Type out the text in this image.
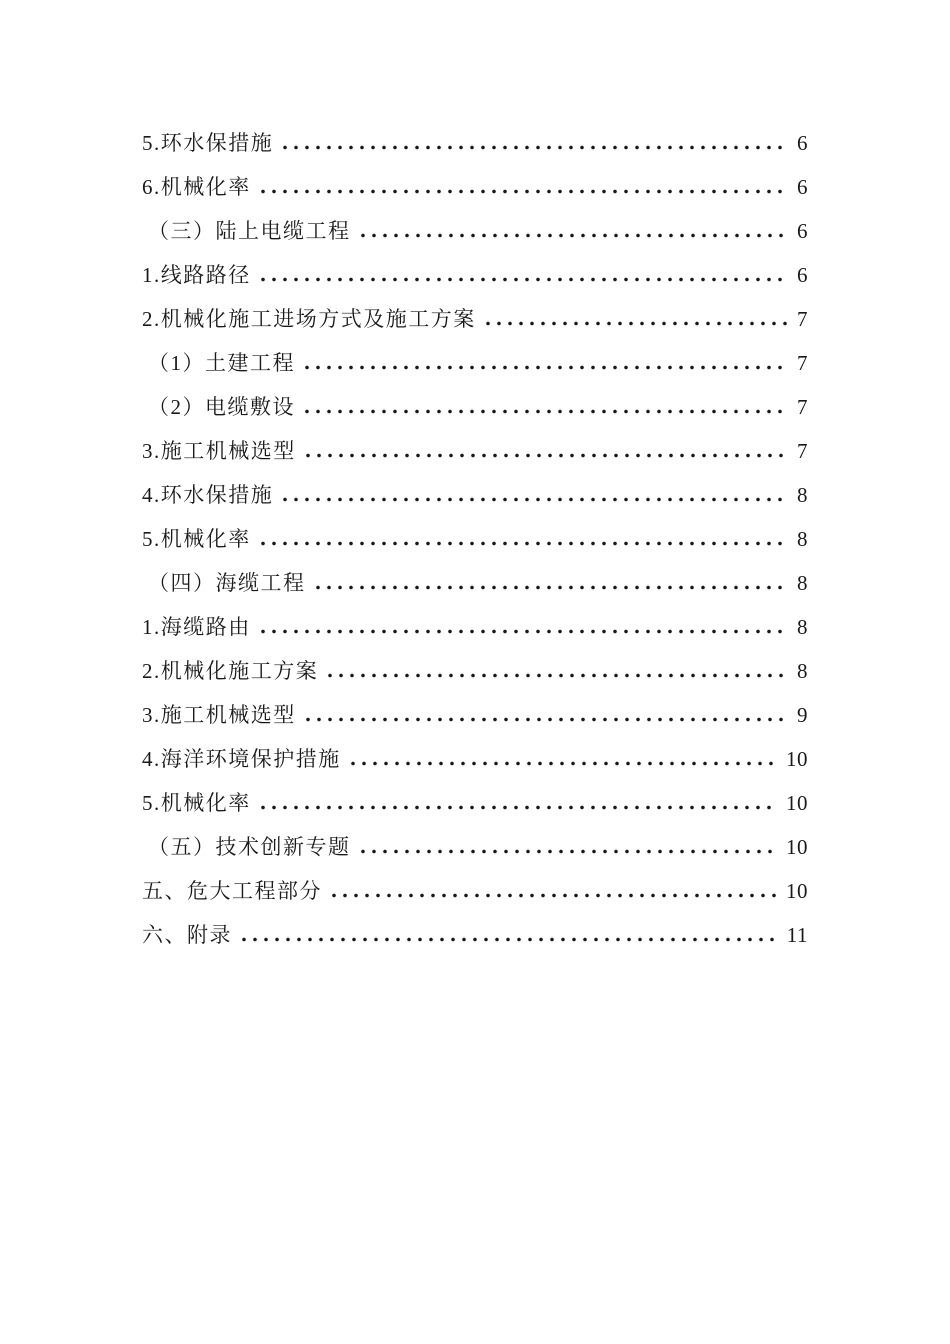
5.环水保措施	6
6.机械化率	6
（三）陆上电缆工程	6
1.线路路径	6
2.机械化施工进场方式及施工方案	7
（1）土建工程	7
（2）电缆敷设	7
3.施工机械选型	7
4.环水保措施	8
5.机械化率	8
（四）海缆工程	8
1.海缆路由	8
2.机械化施工方案	8
3.施工机械选型	9
4.海洋环境保护措施	10
5.机械化率	10
（五）技术创新专题	10
五、危大工程部分	10
六、附录	11
